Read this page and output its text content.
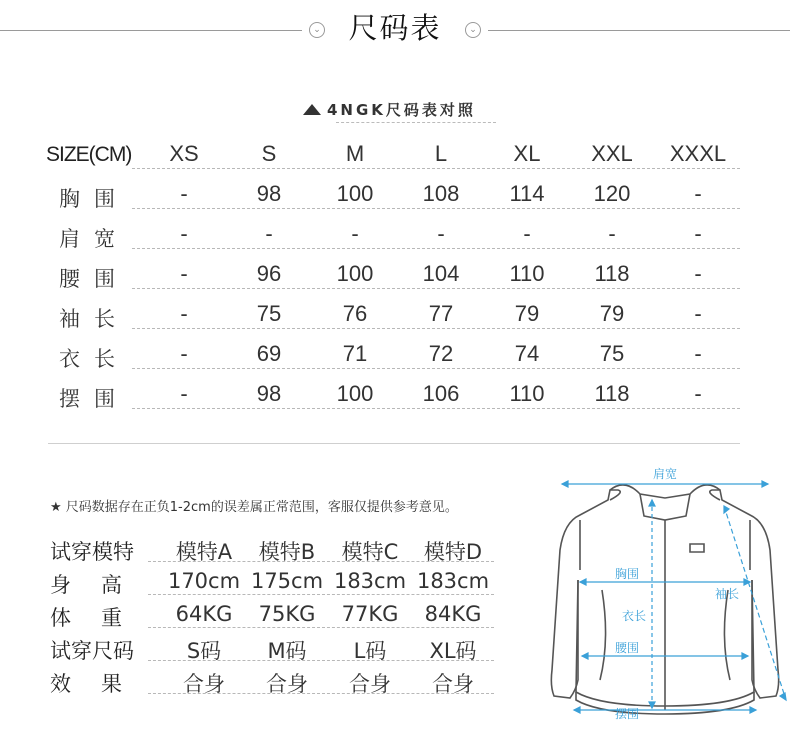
⌄ 尺码表	⌄
4NGK尺码表对照
SIZE(CM)	XS	S	M	L	XL	XXL	XXXL
胸围	-	98	100	108	114	120	-
肩宽	-	-	-	-	-	-	-
腰围	-	96	100	104	110	118	-
袖长	-	75	76	77	79	79	-
衣长	-	69	71	72	74	75	-
摆围	-	98	100	106	110	118	-
★ 尺码数据存在正负1-2cm的误差属正常范围，客服仅提供参考意见。
试穿模特	模特A	模特B	模特C	模特D
身高 170cm 175cm 183cm 183cm
体重	64KG	75KG	77KG	84KG
试穿尺码	S码	M码	L码	XL码
效果	合身	合身	合身	合身
肩宽
胸围
衣长
腰围
摆围
袖长
